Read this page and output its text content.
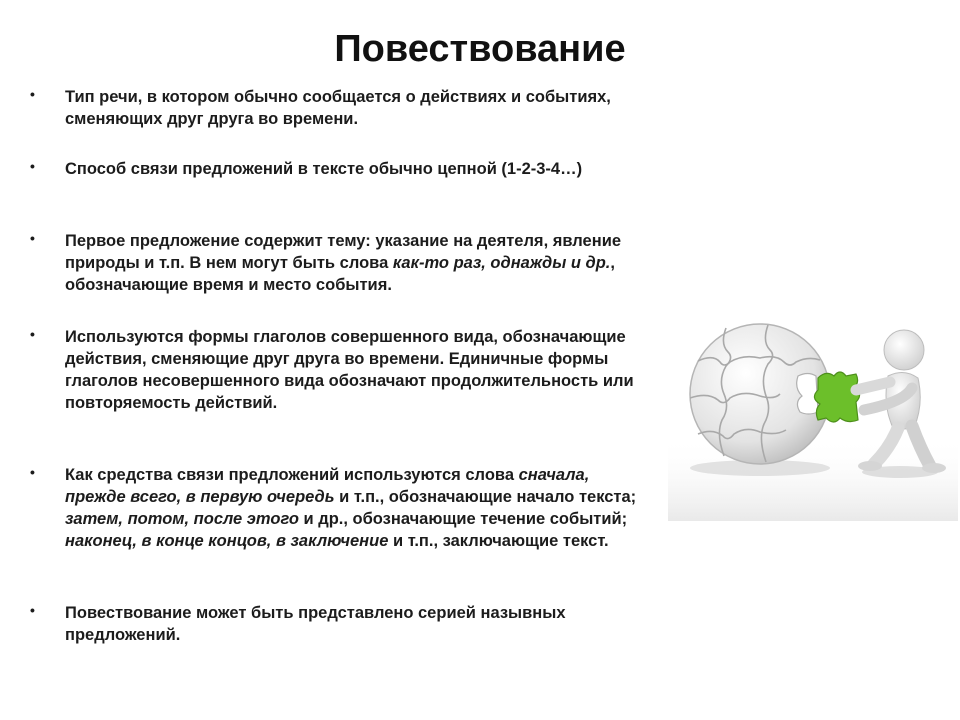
Повествование
• Тип речи, в котором обычно сообщается о действиях и событиях, сменяющих друг друга во времени.
• Способ связи предложений в тексте обычно цепной (1-2-3-4…)
• Первое предложение содержит тему: указание на деятеля, явление природы и т.п. В нем могут быть слова как-то раз, однажды и др., обозначающие время и место события.
• Используются формы глаголов совершенного вида, обозначающие действия, сменяющие друг друга во времени. Единичные формы глаголов несовершенного вида обозначают продолжительность или повторяемость действий.
• Как средства связи предложений используются слова сначала, прежде всего, в первую очередь и т.п., обозначающие начало текста; затем, потом, после этого и др., обозначающие течение событий; наконец, в конце концов, в заключение и т.п., заключающие текст.
• Повествование может быть представлено серией назывных предложений.
